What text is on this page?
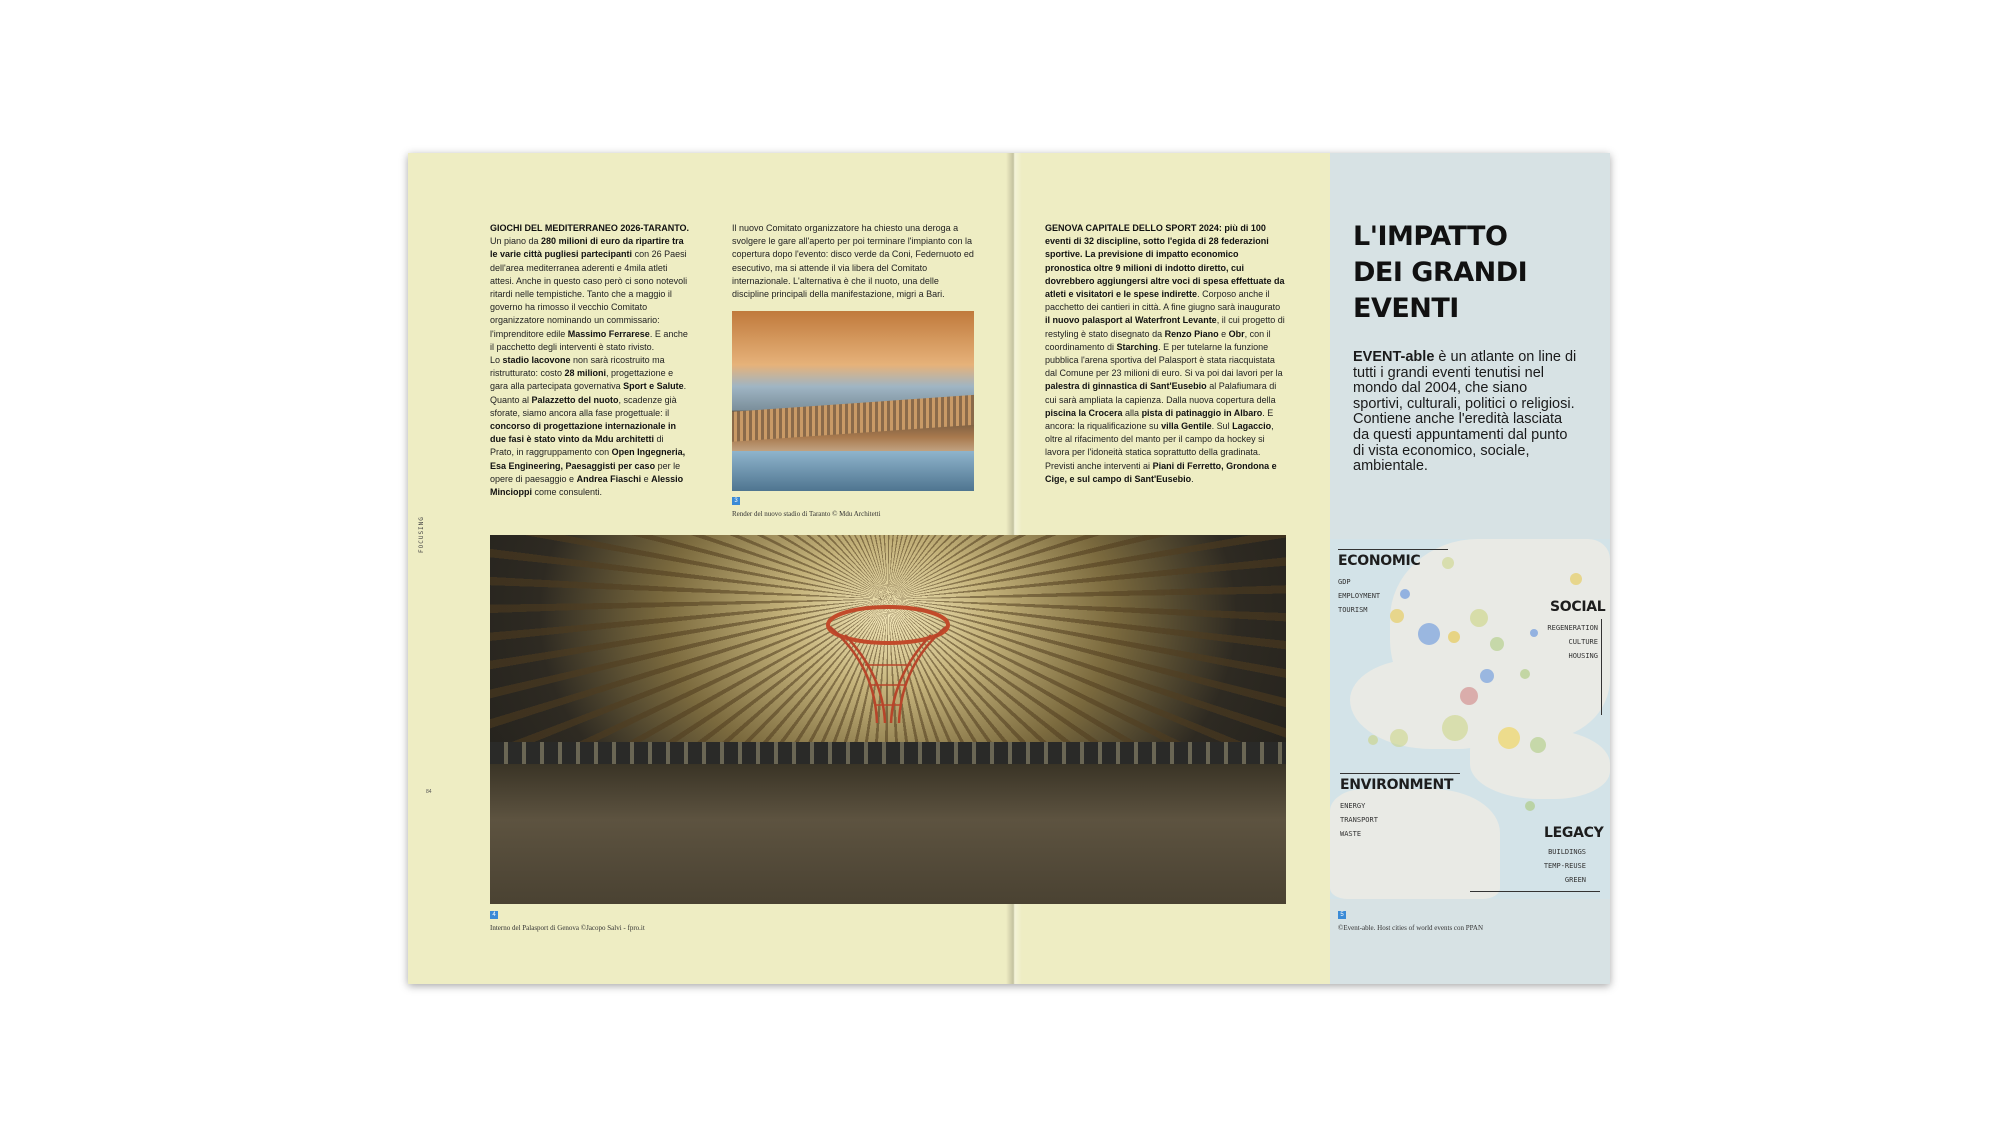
FOCUSING
84

GIOCHI DEL MEDITERRANEO 2026-TARANTO. Un piano da 280 milioni di euro da ripartire tra le varie città pugliesi partecipanti con 26 Paesi dell'area mediterranea aderenti e 4mila atleti attesi. Anche in questo caso però ci sono notevoli ritardi nelle tempistiche. Tanto che a maggio il governo ha rimosso il vecchio Comitato organizzatore nominando un commissario: l'imprenditore edile Massimo Ferrarese. E anche il pacchetto degli interventi è stato rivisto.

Lo stadio Iacovone non sarà ricostruito ma ristrutturato: costo 28 milioni, progettazione e gara alla partecipata governativa Sport e Salute. Quanto al Palazzetto del nuoto, scadenze già sforate, siamo ancora alla fase progettuale: il concorso di progettazione internazionale in due fasi è stato vinto da Mdu architetti di Prato, in raggruppamento con Open Ingegneria, Esa Engineering, Paesaggisti per caso per le opere di paesaggio e Andrea Fiaschi e Alessio Mincioppi come consulenti.

Il nuovo Comitato organizzatore ha chiesto una deroga a svolgere le gare all'aperto per poi terminare l'impianto con la copertura dopo l'evento: disco verde da Coni, Federnuoto ed esecutivo, ma si attende il via libera del Comitato internazionale. L'alternativa è che il nuoto, una delle discipline principali della manifestazione, migri a Bari.

3
Render del nuovo stadio di Taranto © Mdu Architetti

GENOVA CAPITALE DELLO SPORT 2024: più di 100 eventi di 32 discipline, sotto l'egida di 28 federazioni sportive. La previsione di impatto economico pronostica oltre 9 milioni di indotto diretto, cui dovrebbero aggiungersi altre voci di spesa effettuate da atleti e visitatori e le spese indirette. Corposo anche il pacchetto dei cantieri in città. A fine giugno sarà inaugurato il nuovo palasport al Waterfront Levante, il cui progetto di restyling è stato disegnato da Renzo Piano e Obr, con il coordinamento di Starching. E per tutelarne la funzione pubblica l'arena sportiva del Palasport è stata riacquistata dal Comune per 23 milioni di euro. Si va poi dai lavori per la palestra di ginnastica di Sant'Eusebio al Palafiumara di cui sarà ampliata la capienza. Dalla nuova copertura della piscina la Crocera alla pista di patinaggio in Albaro. E ancora: la riqualificazione su villa Gentile. Sul Lagaccio, oltre al rifacimento del manto per il campo da hockey si lavora per l'idoneità statica soprattutto della gradinata.

Previsti anche interventi ai Piani di Ferretto, Grondona e Cige, e sul campo di Sant'Eusebio.

4
Interno del Palasport di Genova ©Jacopo Salvi - fpro.it
L'IMPATTO
DEI GRANDI
EVENTI
EVENT-able è un atlante on line di tutti i grandi eventi tenutisi nel mondo dal 2004, che siano sportivi, culturali, politici o religiosi. Contiene anche l'eredità lasciata da questi appuntamenti dal punto di vista economico, sociale, ambientale.
ECONOMIC
GDP
EMPLOYMENT
TOURISM	SOCIAL
REGENERATION
CULTURE
HOUSING
ENVIRONMENT
ENERGY
TRANSPORT
WASTE	LEGACY
BUILDINGS
TEMP-REUSE
GREEN
5
©Event-able. Host cities of world events con PPAN
